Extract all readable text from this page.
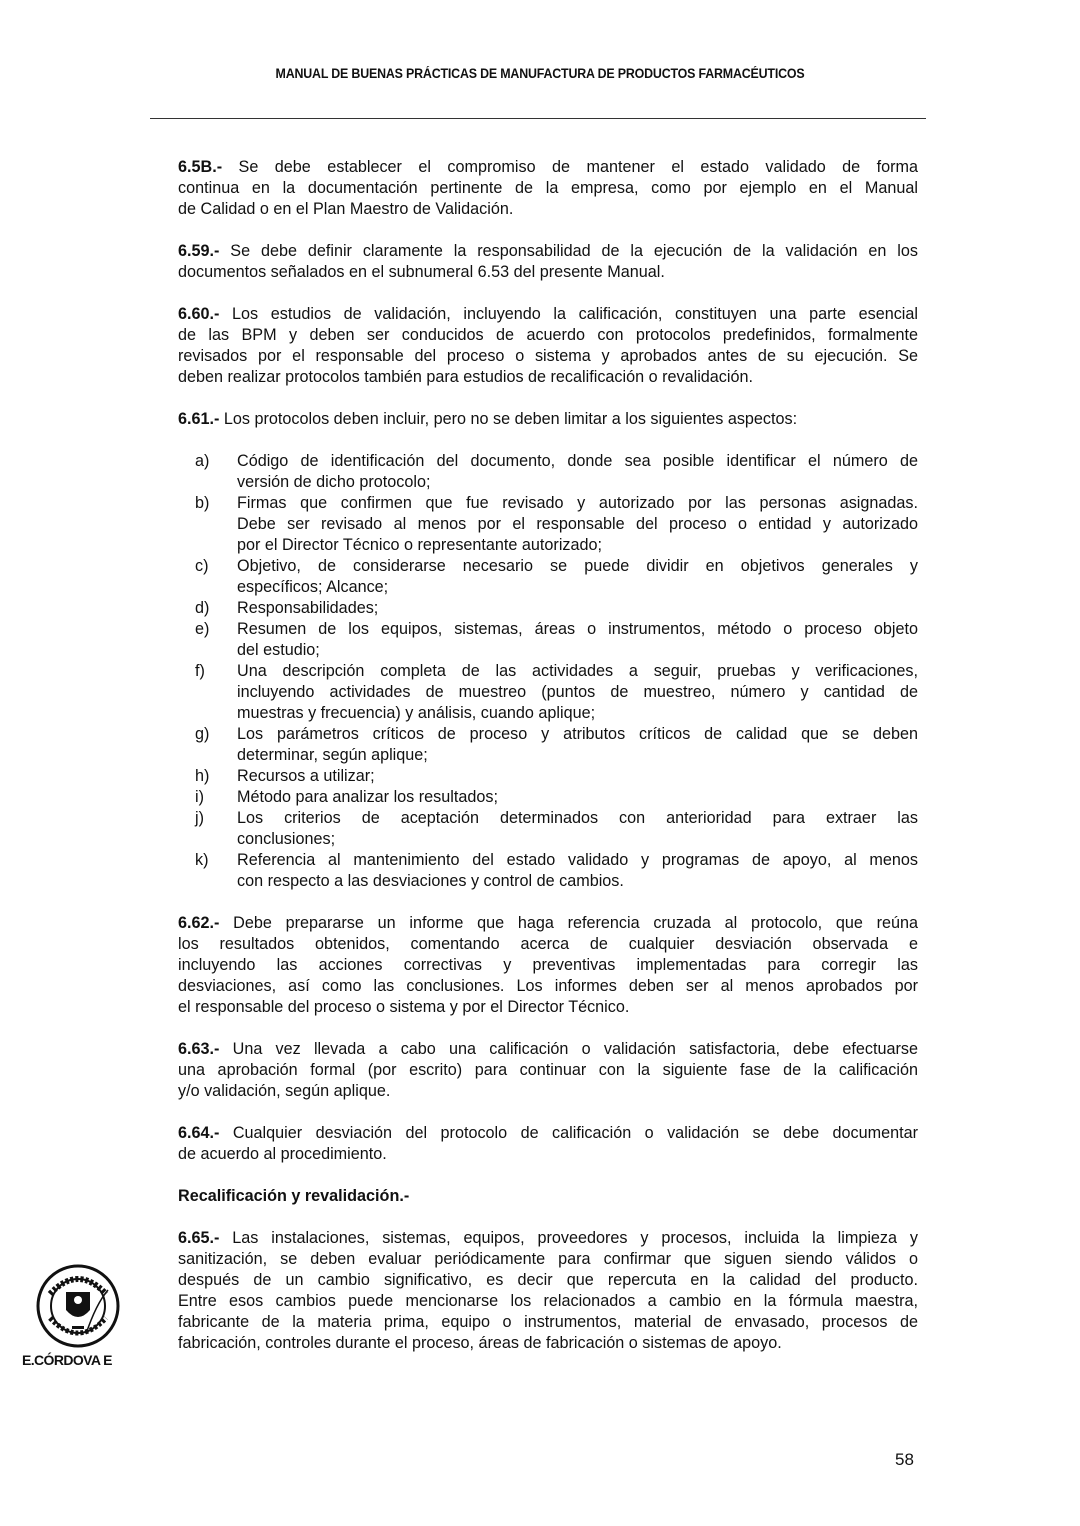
MANUAL DE BUENAS PRÁCTICAS DE MANUFACTURA DE PRODUCTOS FARMACÉUTICOS
6.5B.- Se debe establecer el compromiso de mantener el estado validado de forma
continua en la documentación pertinente de la empresa, como por ejemplo en el Manual
de Calidad o en el Plan Maestro de Validación.
6.59.- Se debe definir claramente la responsabilidad de la ejecución de la validación en los
documentos señalados en el subnumeral 6.53 del presente Manual.
6.60.- Los estudios de validación, incluyendo la calificación, constituyen una parte esencial
de las BPM y deben ser conducidos de acuerdo con protocolos predefinidos, formalmente
revisados por el responsable del proceso o sistema y aprobados antes de su ejecución. Se
deben realizar protocolos también para estudios de recalificación o revalidación.
6.61.- Los protocolos deben incluir, pero no se deben limitar a los siguientes aspectos:
a)	Código de identificación del documento, donde sea posible identificar el número de
versión de dicho protocolo;
b)	Firmas que confirmen que fue revisado y autorizado por las personas asignadas.
Debe ser revisado al menos por el responsable del proceso o entidad y autorizado
por el Director Técnico o representante autorizado;
c)	Objetivo, de considerarse necesario se puede dividir en objetivos generales y
específicos; Alcance;
d)	Responsabilidades;
e)	Resumen de los equipos, sistemas, áreas o instrumentos, método o proceso objeto
del estudio;
f)	Una descripción completa de las actividades a seguir, pruebas y verificaciones,
incluyendo actividades de muestreo (puntos de muestreo, número y cantidad de
muestras y frecuencia) y análisis, cuando aplique;
g)	Los parámetros críticos de proceso y atributos críticos de calidad que se deben
determinar, según aplique;
h)	Recursos a utilizar;
i)	Método para analizar los resultados;
j)	Los criterios de aceptación determinados con anterioridad para extraer las
conclusiones;
k)	Referencia al mantenimiento del estado validado y programas de apoyo, al menos
con respecto a las desviaciones y control de cambios.
6.62.- Debe prepararse un informe que haga referencia cruzada al protocolo, que reúna
los resultados obtenidos, comentando acerca de cualquier desviación observada e
incluyendo las acciones correctivas y preventivas implementadas para corregir las
desviaciones, así como las conclusiones. Los informes deben ser al menos aprobados por
el responsable del proceso o sistema y por el Director Técnico.
6.63.- Una vez llevada a cabo una calificación o validación satisfactoria, debe efectuarse
una aprobación formal (por escrito) para continuar con la siguiente fase de la calificación
y/o validación, según aplique.
6.64.- Cualquier desviación del protocolo de calificación o validación se debe documentar
de acuerdo al procedimiento.
Recalificación y revalidación.-
6.65.- Las instalaciones, sistemas, equipos, proveedores y procesos, incluida la limpieza y
sanitización, se deben evaluar periódicamente para confirmar que siguen siendo válidos o
después de un cambio significativo, es decir que repercuta en la calidad del producto.
Entre esos cambios puede mencionarse los relacionados a cambio en la fórmula maestra,
fabricante de la materia prima, equipo o instrumentos, material de envasado, procesos de
fabricación, controles durante el proceso, áreas de fabricación o sistemas de apoyo.
E.CÓRDOVA E
58
